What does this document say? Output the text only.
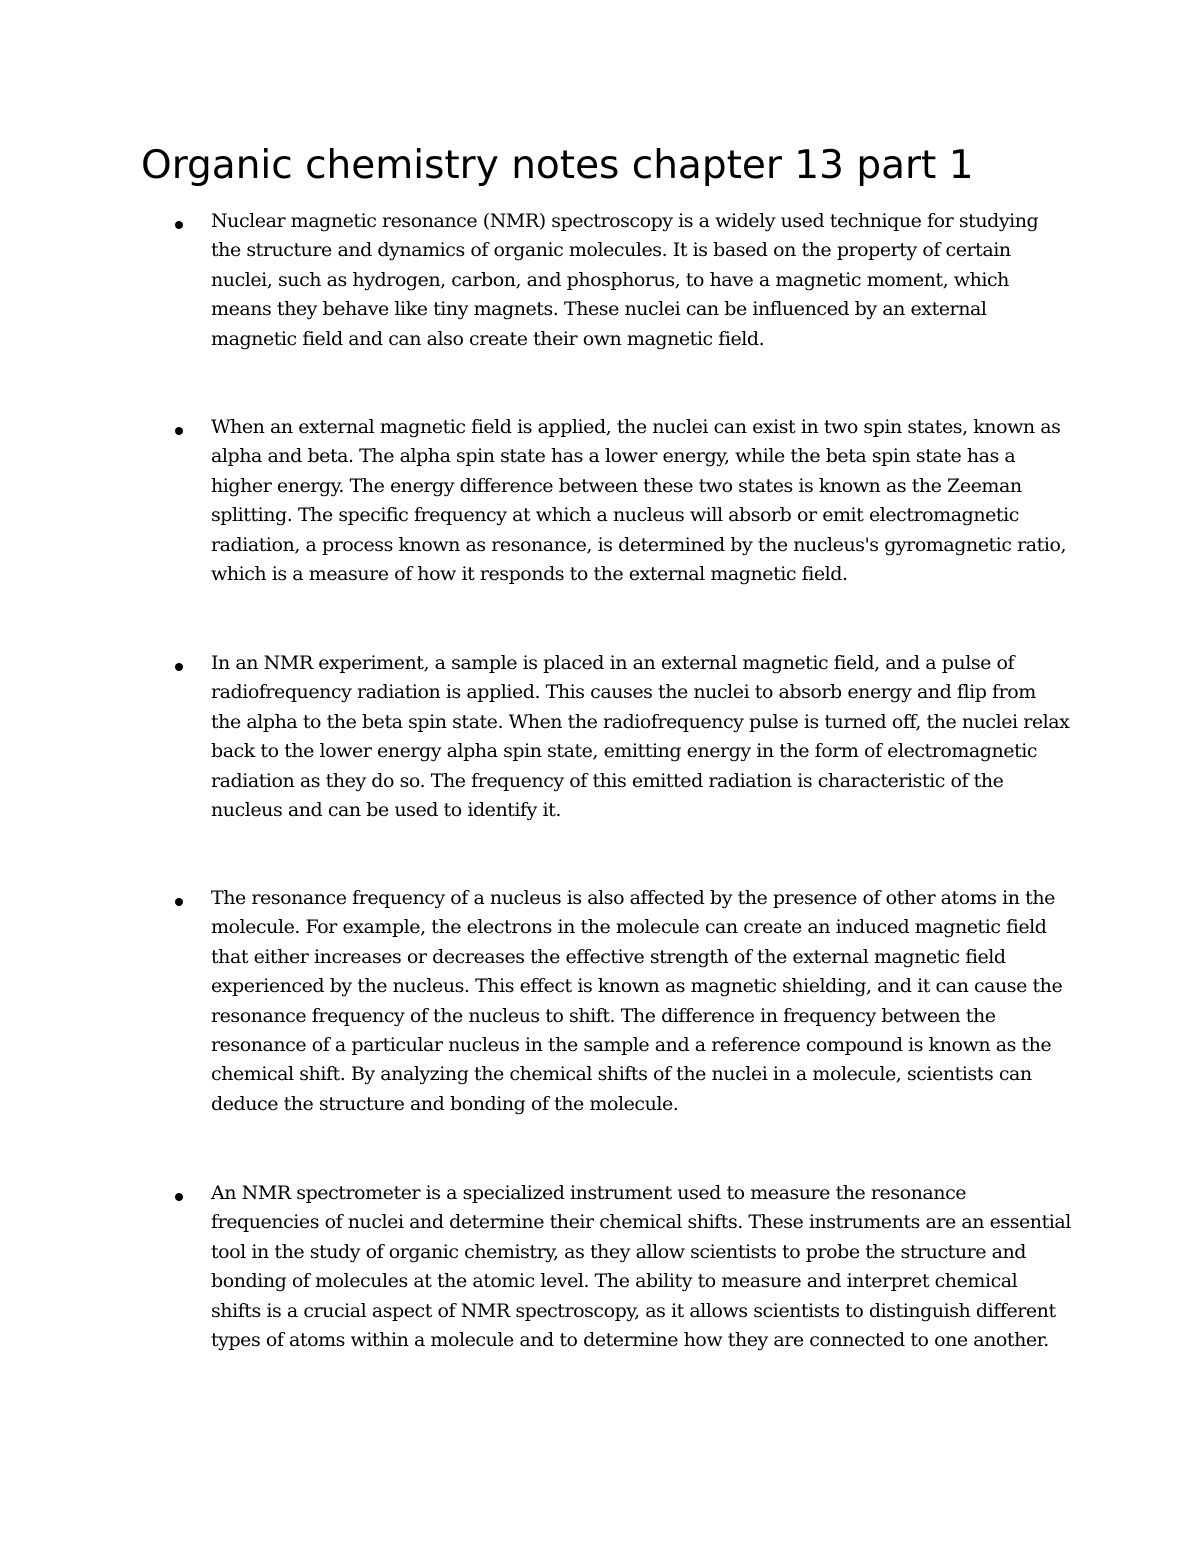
Organic chemistry notes chapter 13 part 1

Nuclear magnetic resonance (NMR) spectroscopy is a widely used technique for studying the structure and dynamics of organic molecules. It is based on the property of certain nuclei, such as hydrogen, carbon, and phosphorus, to have a magnetic moment, which means they behave like tiny magnets. These nuclei can be influenced by an external magnetic field and can also create their own magnetic field.

When an external magnetic field is applied, the nuclei can exist in two spin states, known as alpha and beta. The alpha spin state has a lower energy, while the beta spin state has a higher energy. The energy difference between these two states is known as the Zeeman splitting. The specific frequency at which a nucleus will absorb or emit electromagnetic radiation, a process known as resonance, is determined by the nucleus's gyromagnetic ratio, which is a measure of how it responds to the external magnetic field.

In an NMR experiment, a sample is placed in an external magnetic field, and a pulse of radiofrequency radiation is applied. This causes the nuclei to absorb energy and flip from the alpha to the beta spin state. When the radiofrequency pulse is turned off, the nuclei relax back to the lower energy alpha spin state, emitting energy in the form of electromagnetic radiation as they do so. The frequency of this emitted radiation is characteristic of the nucleus and can be used to identify it.

The resonance frequency of a nucleus is also affected by the presence of other atoms in the molecule. For example, the electrons in the molecule can create an induced magnetic field that either increases or decreases the effective strength of the external magnetic field experienced by the nucleus. This effect is known as magnetic shielding, and it can cause the resonance frequency of the nucleus to shift. The difference in frequency between the resonance of a particular nucleus in the sample and a reference compound is known as the chemical shift. By analyzing the chemical shifts of the nuclei in a molecule, scientists can deduce the structure and bonding of the molecule.

An NMR spectrometer is a specialized instrument used to measure the resonance frequencies of nuclei and determine their chemical shifts. These instruments are an essential tool in the study of organic chemistry, as they allow scientists to probe the structure and bonding of molecules at the atomic level. The ability to measure and interpret chemical shifts is a crucial aspect of NMR spectroscopy, as it allows scientists to distinguish different types of atoms within a molecule and to determine how they are connected to one another.
